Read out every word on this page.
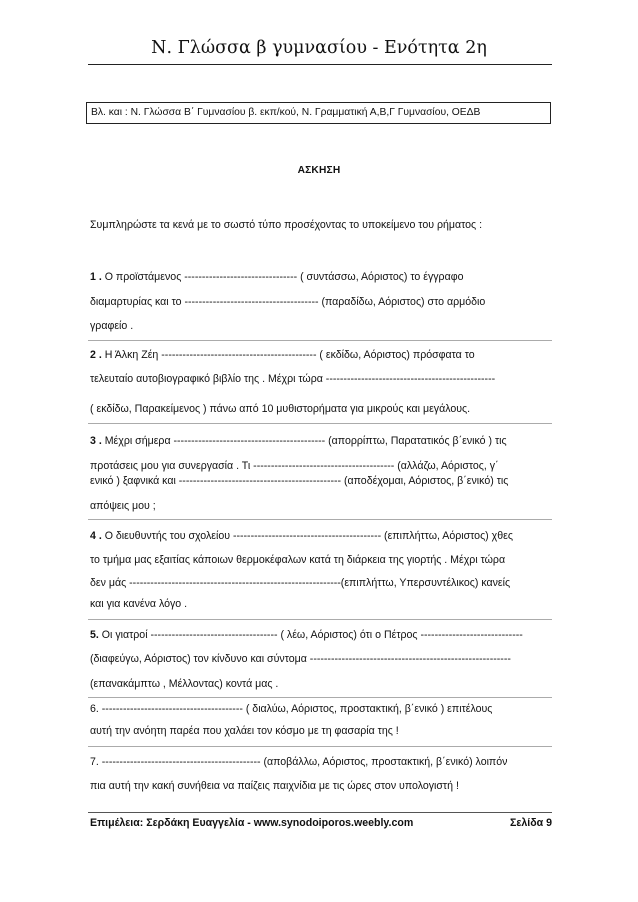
Ν. Γλώσσα β γυμνασίου - Ενότητα 2η
Βλ. και : Ν. Γλώσσα Β΄ Γυμνασίου β. εκπ/κού, Ν. Γραμματική Α,Β,Γ Γυμνασίου, ΟΕΔΒ
ΑΣΚΗΣΗ
Συμπληρώστε τα κενά με το σωστό τύπο προσέχοντας το υποκείμενο του ρήματος :
1 . Ο προϊστάμενος -------------------------------- ( συντάσσω, Αόριστος) το έγγραφο
διαμαρτυρίας και το -------------------------------------- (παραδίδω, Αόριστος) στο αρμόδιο
γραφείο .
2 . Η Άλκη Ζέη -------------------------------------------- ( εκδίδω, Αόριστος) πρόσφατα το
τελευταίο αυτοβιογραφικό βιβλίο της . Μέχρι τώρα ------------------------------------------------
( εκδίδω, Παρακείμενος ) πάνω από 10 μυθιστορήματα για μικρούς και μεγάλους.
3 . Μέχρι σήμερα ------------------------------------------- (απορρίπτω, Παρατατικός β΄ενικό ) τις
προτάσεις μου για συνεργασία . Τι ---------------------------------------- (αλλάζω, Αόριστος, γ΄
ενικό ) ξαφνικά και ---------------------------------------------- (αποδέχομαι, Αόριστος, β΄ενικό) τις
απόψεις μου ;
4 . Ο διευθυντής του σχολείου ------------------------------------------ (επιπλήττω, Αόριστος) χθες
το τμήμα μας εξαιτίας κάποιων θερμοκέφαλων κατά τη διάρκεια της γιορτής . Μέχρι τώρα
δεν μάς ------------------------------------------------------------(επιπλήττω, Υπερσυντέλικος) κανείς
και για κανένα λόγο .
5. Οι γιατροί ------------------------------------ ( λέω, Αόριστος) ότι ο Πέτρος -----------------------------
(διαφεύγω, Αόριστος) τον κίνδυνο και σύντομα ---------------------------------------------------------
(επανακάμπτω , Μέλλοντας) κοντά μας .
6. ---------------------------------------- ( διαλύω, Αόριστος, προστακτική, β΄ενικό ) επιτέλους
αυτή την ανόητη παρέα που χαλάει τον κόσμο με τη φασαρία της !
7. --------------------------------------------- (αποβάλλω, Αόριστος, προστακτική, β΄ενικό) λοιπόν
πια αυτή την κακή συνήθεια να παίζεις παιχνίδια με τις ώρες στον υπολογιστή !
Επιμέλεια: Σερδάκη Ευαγγελία - www.synodoiporos.weebly.com	Σελίδα 9
